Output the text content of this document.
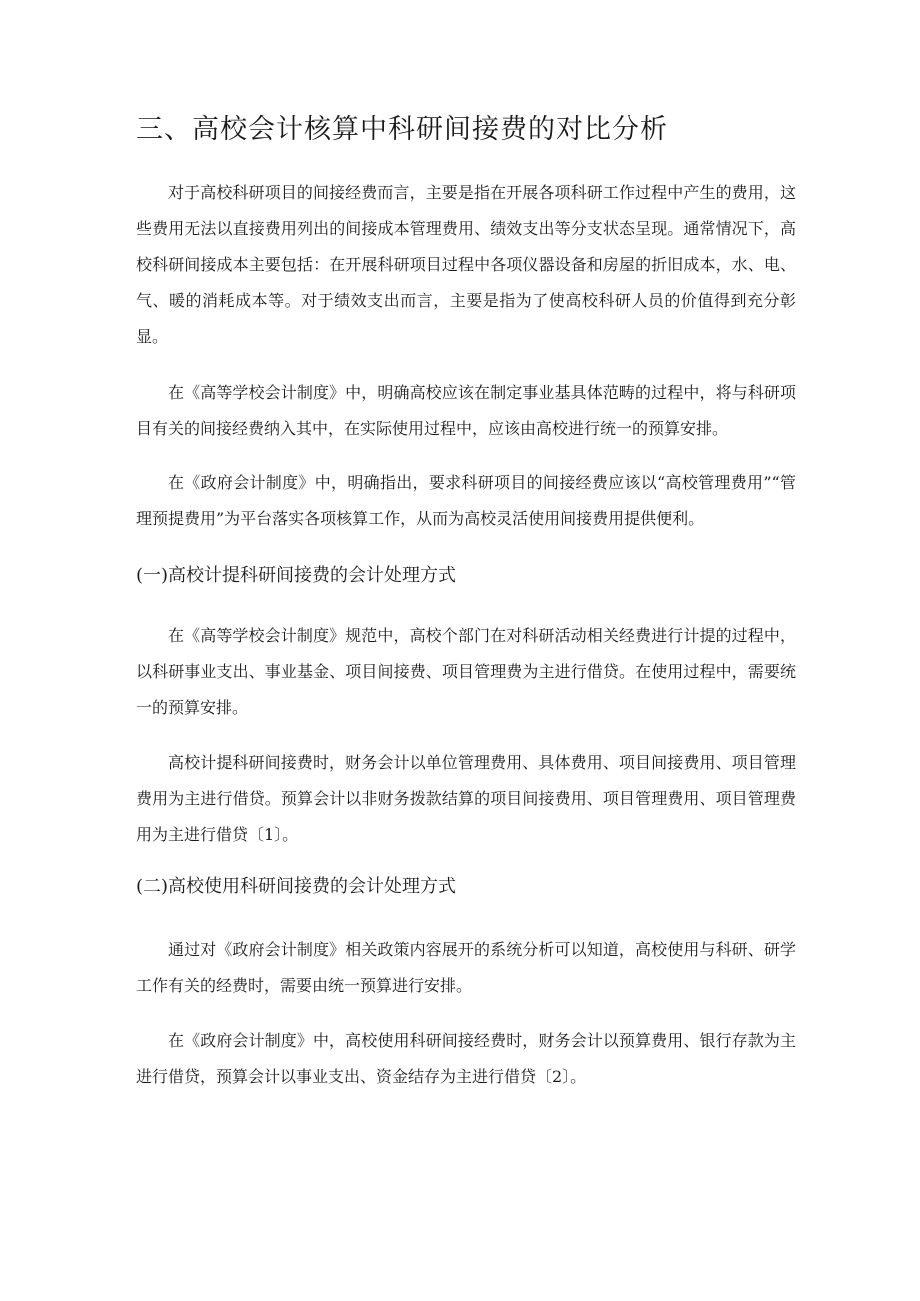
三、高校会计核算中科研间接费的对比分析

对于高校科研项目的间接经费而言，主要是指在开展各项科研工作过程中产生的费用，这些费用无法以直接费用列出的间接成本管理费用、绩效支出等分支状态呈现。通常情况下，高校科研间接成本主要包括：在开展科研项目过程中各项仪器设备和房屋的折旧成本，水、电、气、暖的消耗成本等。对于绩效支出而言，主要是指为了使高校科研人员的价值得到充分彰显。

在《高等学校会计制度》中，明确高校应该在制定事业基具体范畴的过程中，将与科研项目有关的间接经费纳入其中，在实际使用过程中，应该由高校进行统一的预算安排。

在《政府会计制度》中，明确指出，要求科研项目的间接经费应该以“高校管理费用”“管理预提费用”为平台落实各项核算工作，从而为高校灵活使用间接费用提供便利。

(一)高校计提科研间接费的会计处理方式

在《高等学校会计制度》规范中，高校个部门在对科研活动相关经费进行计提的过程中，以科研事业支出、事业基金、项目间接费、项目管理费为主进行借贷。在使用过程中，需要统一的预算安排。

高校计提科研间接费时，财务会计以单位管理费用、具体费用、项目间接费用、项目管理费用为主进行借贷。预算会计以非财务拨款结算的项目间接费用、项目管理费用、项目管理费用为主进行借贷〔1〕。

(二)高校使用科研间接费的会计处理方式

通过对《政府会计制度》相关政策内容展开的系统分析可以知道，高校使用与科研、研学工作有关的经费时，需要由统一预算进行安排。

在《政府会计制度》中，高校使用科研间接经费时，财务会计以预算费用、银行存款为主进行借贷，预算会计以事业支出、资金结存为主进行借贷〔2〕。
